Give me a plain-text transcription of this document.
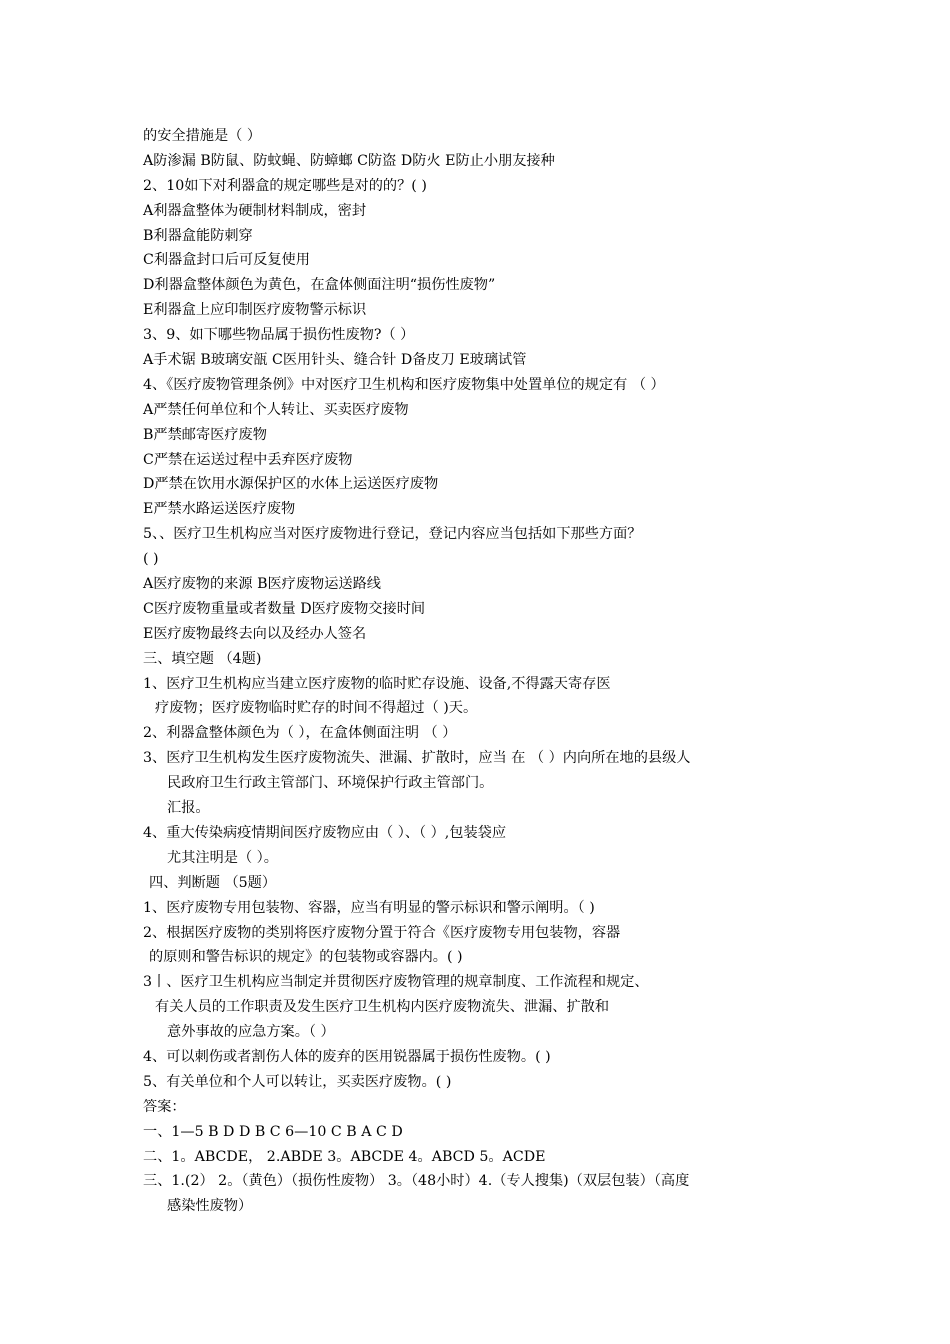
的安全措施是（ ）
A防渗漏 B防鼠、防蚊蝇、防蟑螂 C防盗 D防火 E防止小朋友接种
2、10如下对利器盒的规定哪些是对的的？( )
A利器盒整体为硬制材料制成，密封
B利器盒能防刺穿
C利器盒封口后可反复使用
D利器盒整体颜色为黄色，在盒体侧面注明“损伤性废物”
E利器盒上应印制医疗废物警示标识
3、9、如下哪些物品属于损伤性废物?（ ）
A手术锯 B玻璃安瓿 C医用针头、缝合针 D备皮刀 E玻璃试管
4、《医疗废物管理条例》中对医疗卫生机构和医疗废物集中处置单位的规定有 （ ）
A严禁任何单位和个人转让、买卖医疗废物
B严禁邮寄医疗废物
C严禁在运送过程中丢弃医疗废物
D严禁在饮用水源保护区的水体上运送医疗废物
E严禁水路运送医疗废物
5、、医疗卫生机构应当对医疗废物进行登记，登记内容应当包括如下那些方面？
( )
A医疗废物的来源 B医疗废物运送路线
C医疗废物重量或者数量 D医疗废物交接时间
E医疗废物最终去向以及经办人签名
三、填空题 （4题)
1、医疗卫生机构应当建立医疗废物的临时贮存设施、设备,不得露天寄存医
疗废物；医疗废物临时贮存的时间不得超过（ )天。
2、利器盒整体颜色为（ ），在盒体侧面注明 （ ）
3、医疗卫生机构发生医疗废物流失、泄漏、扩散时，应当 在 （ ）内向所在地的县级人
民政府卫生行政主管部门、环境保护行政主管部门。
汇报。
4、重大传染病疫情期间医疗废物应由（ ）、（ ）,包装袋应
尤其注明是（ ）。
四、判断题 （5题）
1、医疗废物专用包装物、容器，应当有明显的警示标识和警示阐明。（ )
2、根据医疗废物的类别将医疗废物分置于符合《医疗废物专用包装物，容器
的原则和警告标识的规定》的包装物或容器内。( )
3丨、医疗卫生机构应当制定并贯彻医疗废物管理的规章制度、工作流程和规定、
有关人员的工作职责及发生医疗卫生机构内医疗废物流失、泄漏、扩散和
意外事故的应急方案。（ ）
4、可以刺伤或者割伤人体的废弃的医用锐器属于损伤性废物。( )
5、有关单位和个人可以转让，买卖医疗废物。( )
答案：
一、1—5 B D D B C 6—10 C B A C D
二、1。ABCDE， 2.ABDE 3。ABCDE 4。ABCD 5。ACDE
三、1.(2） 2。（黄色）（损伤性废物） 3。（48小时）4.（专人搜集)（双层包装）（高度
感染性废物）
